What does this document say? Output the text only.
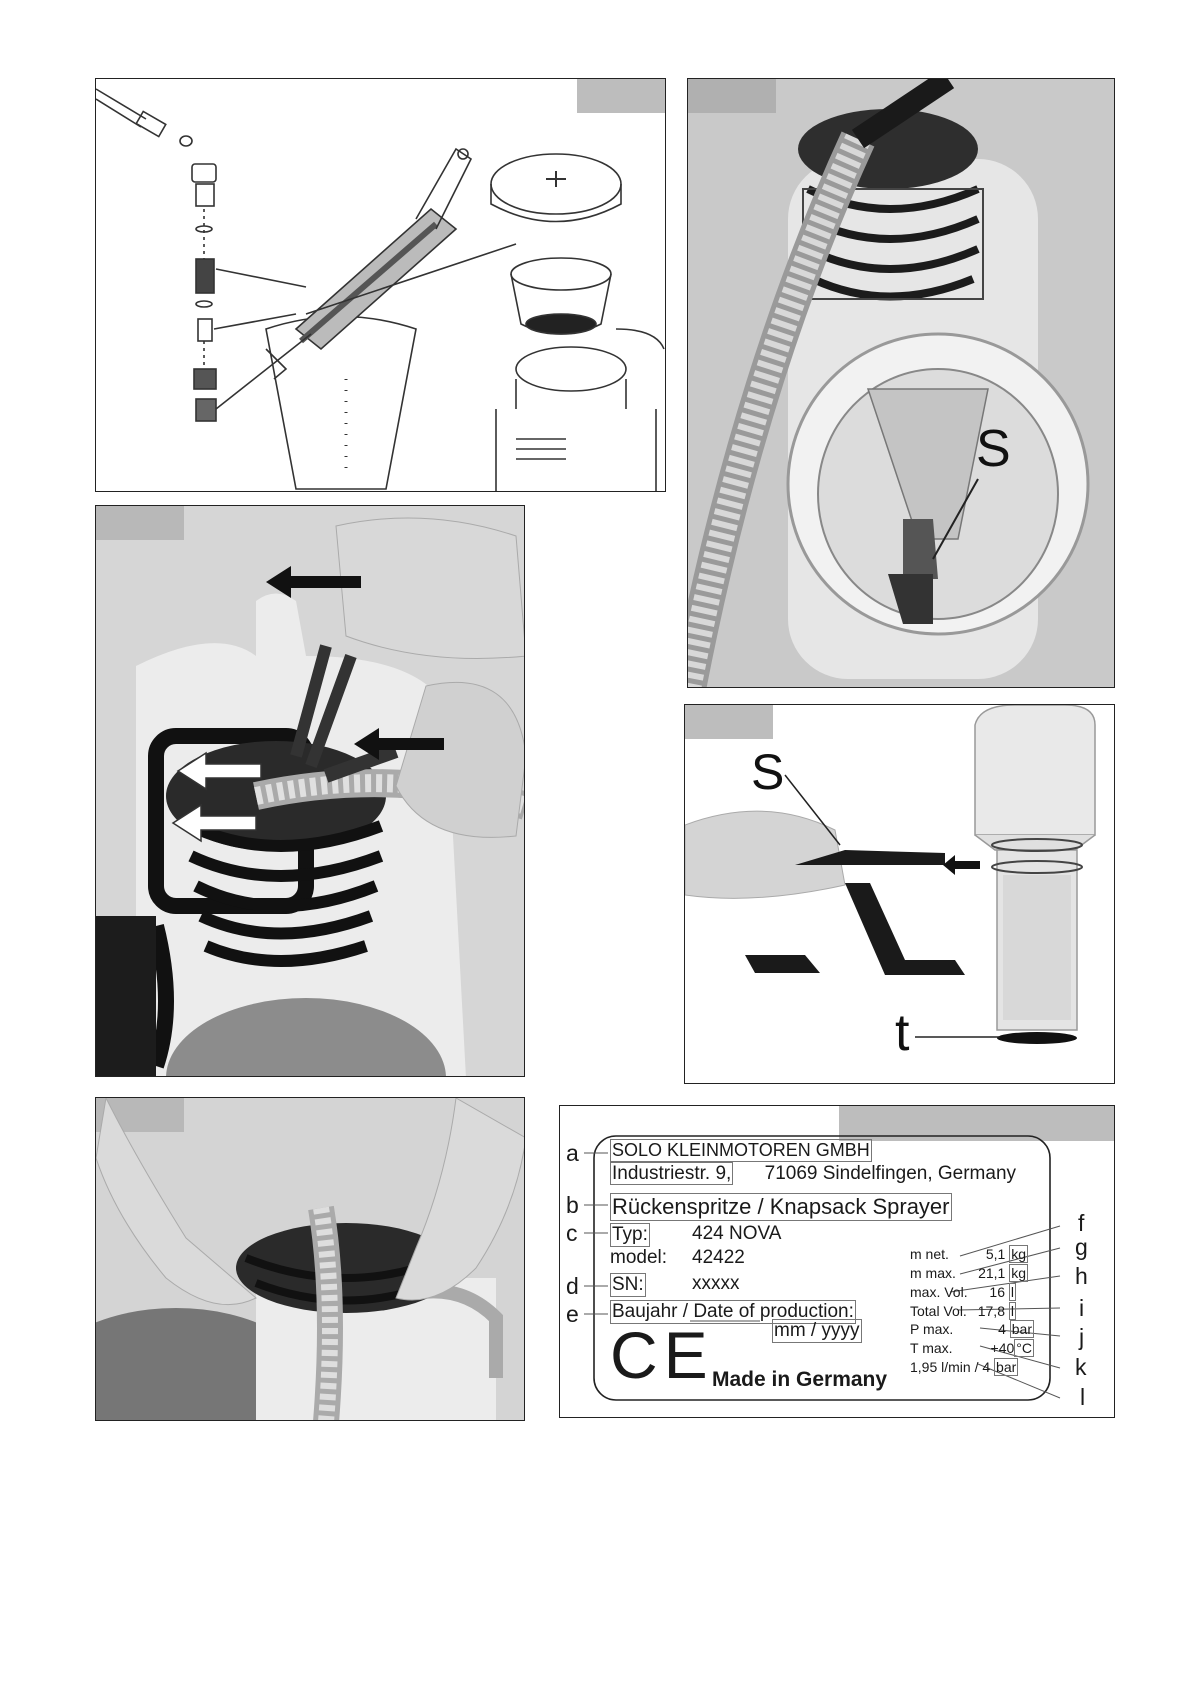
S
S
t
a
b
c
d
e
f
g
h
i
j
k
l
SOLO KLEINMOTOREN GMBH
Industriestr. 9, 71069 Sindelfingen, Germany
Rückenspritze / Knapsack Sprayer
Typ: 424 NOVA
model: 42422
SN:	xxxxx
Baujahr / Date of production:
mm / yyyy
CE
Made in Germany
m net.	5,1 kg
m max. 21,1 kg
max. Vol. 16 l
Total Vol. 17,8 l
P max.	4 bar
T max.	+40 °C
1,95 l/min / 4 bar
